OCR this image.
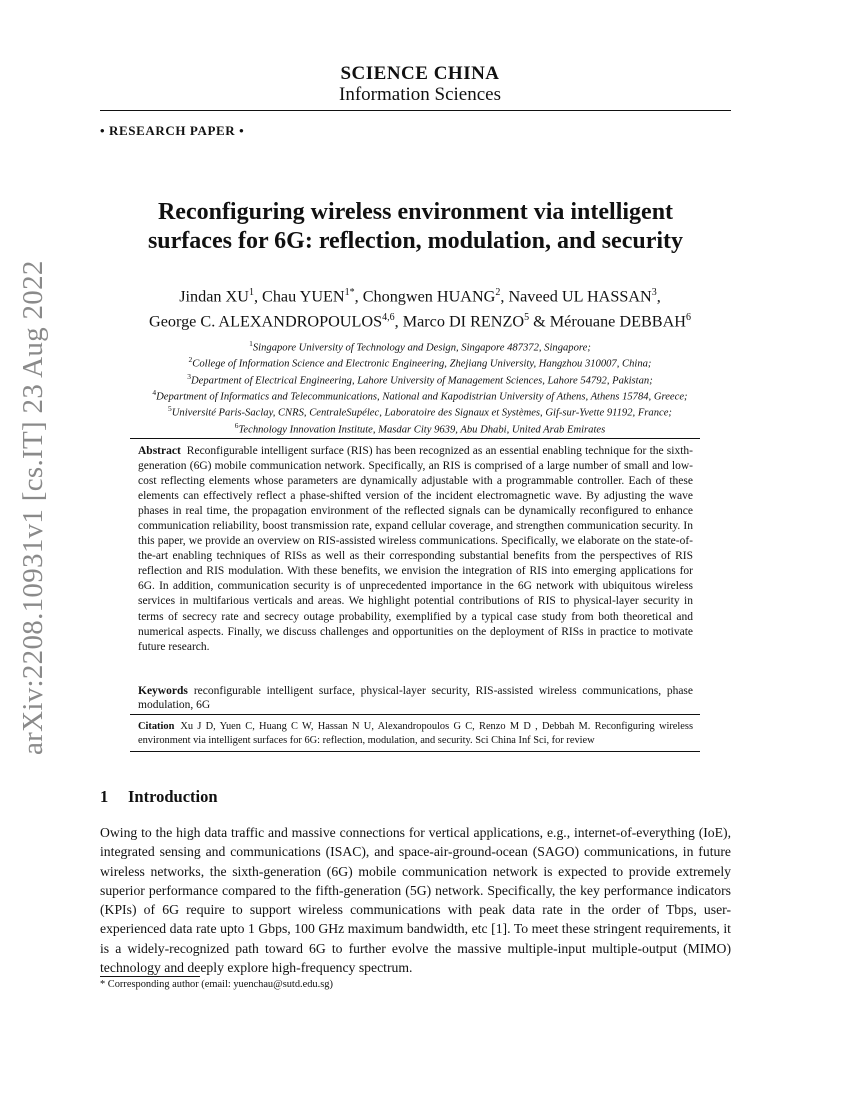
arXiv:2208.10931v1 [cs.IT] 23 Aug 2022
SCIENCE CHINA
Information Sciences
• RESEARCH PAPER •
Reconfiguring wireless environment via intelligent
surfaces for 6G: reflection, modulation, and security
Jindan $XU^1$, Chau $YUEN^{1*}$, Chongwen HUANG$^2$, Naveed UL HASSAN$^3$,
George C. ALEXANDROPOULOS$^{4,6}$, Marco DI RENZO$^5$ & Mérouane DEBBAH$^6$
$^1$Singapore University of Technology and Design, Singapore 487372, Singapore;
$^2$College of Information Science and Electronic Engineering, Zhejiang University, Hangzhou 310007, China;
$^3$Department of Electrical Engineering, Lahore University of Management Sciences, Lahore 54792, Pakistan;
$^4$Department of Informatics and Telecommunications, National and Kapodistrian University of Athens, Athens 15784, Greece;
$^5$Université Paris-Saclay, CNRS, CentraleSupélec, Laboratoire des Signaux et Systèmes, Gif-sur-Yvette 91192, France;
$^6$Technology Innovation Institute, Masdar City 9639, Abu Dhabi, United Arab Emirates
Abstract Reconfigurable intelligent surface (RIS) has been recognized as an essential enabling technique for the sixth-generation (6G) mobile communication network. Specifically, an RIS is comprised of a large number of small and low-cost reflecting elements whose parameters are dynamically adjustable with a programmable controller. Each of these elements can effectively reflect a phase-shifted version of the incident electromagnetic wave. By adjusting the wave phases in real time, the propagation environment of the reflected signals can be dynamically reconfigured to enhance communication reliability, boost transmission rate, expand cellular coverage, and strengthen communication security. In this paper, we provide an overview on RIS-assisted wireless communications. Specifically, we elaborate on the state-of-the-art enabling techniques of RISs as well as their corresponding substantial benefits from the perspectives of RIS reflection and RIS modulation. With these benefits, we envision the integration of RIS into emerging applications for 6G. In addition, communication security is of unprecedented importance in the 6G network with ubiquitous wireless services in multifarious verticals and areas. We highlight potential contributions of RIS to physical-layer security in terms of secrecy rate and secrecy outage probability, exemplified by a typical case study from both theoretical and numerical aspects. Finally, we discuss challenges and opportunities on the deployment of RISs in practice to motivate future research.
Keywords reconfigurable intelligent surface, physical-layer security, RIS-assisted wireless communications, phase modulation, 6G
Citation Xu J D, Yuen C, Huang C W, Hassan N U, Alexandropoulos G C, Renzo M D , Debbah M. Reconfiguring wireless environment via intelligent surfaces for 6G: reflection, modulation, and security. Sci China Inf Sci, for review
1 Introduction
Owing to the high data traffic and massive connections for vertical applications, e.g., internet-of-everything (IoE), integrated sensing and communications (ISAC), and space-air-ground-ocean (SAGO) communications, in future wireless networks, the sixth-generation (6G) mobile communication network is expected to provide extremely superior performance compared to the fifth-generation (5G) network. Specifically, the key performance indicators (KPIs) of 6G require to support wireless communications with peak data rate in the order of Tbps, user-experienced data rate upto 1 Gbps, 100 GHz maximum bandwidth, etc [1]. To meet these stringent requirements, it is a widely-recognized path toward 6G to further evolve the massive multiple-input multiple-output (MIMO) technology and deeply explore high-frequency spectrum.
* Corresponding author (email: yuenchau@sutd.edu.sg)
